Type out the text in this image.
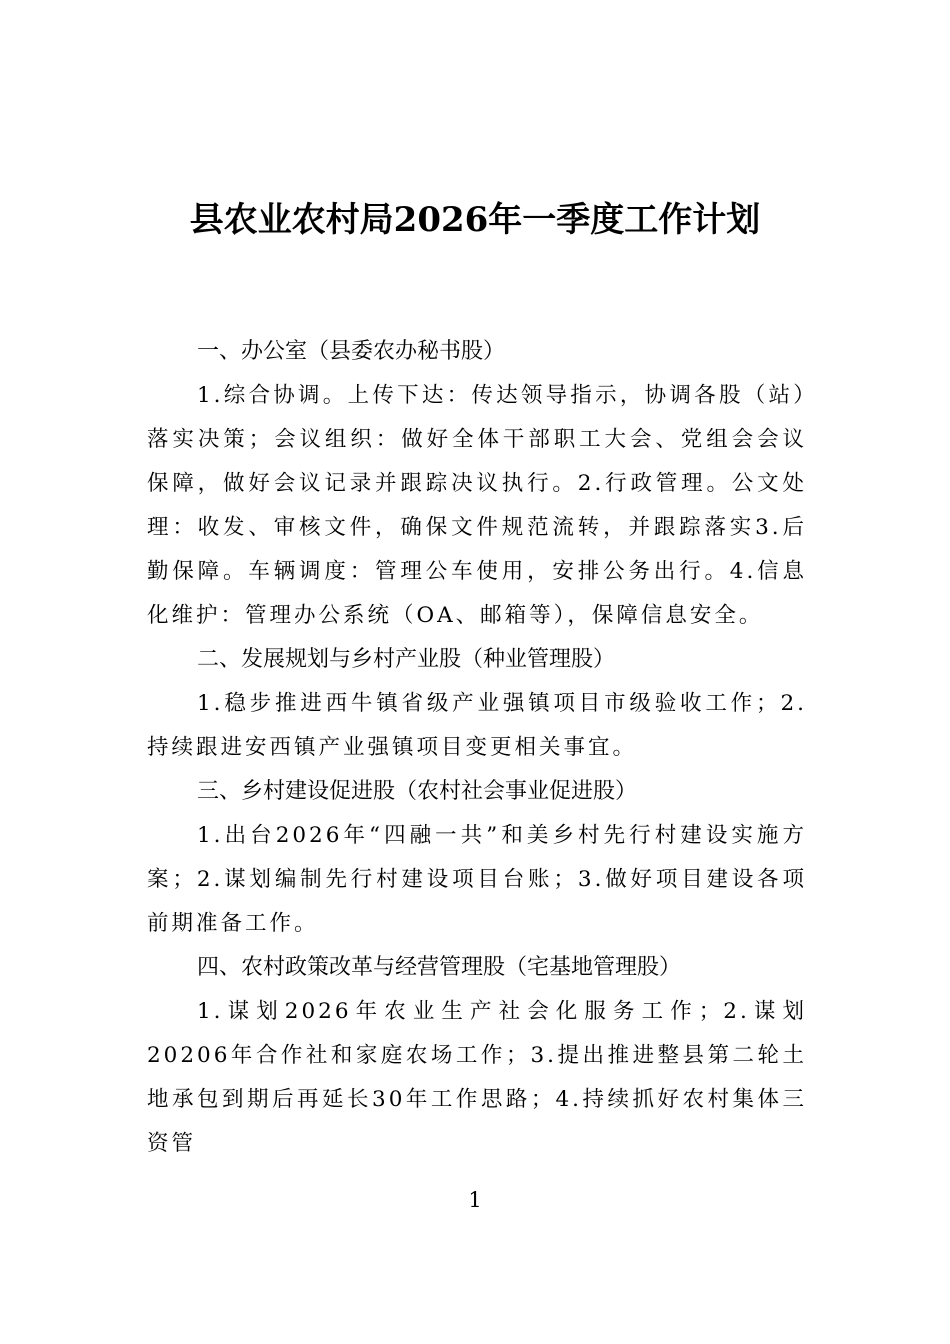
县农业农村局2026年一季度工作计划
一、办公室（县委农办秘书股）
1.综合协调。上传下达：传达领导指示，协调各股（站）落实决策；会议组织：做好全体干部职工大会、党组会会议保障，做好会议记录并跟踪决议执行。2.行政管理。公文处理：收发、审核文件，确保文件规范流转，并跟踪落实3.后勤保障。车辆调度：管理公车使用，安排公务出行。4.信息化维护：管理办公系统（OA、邮箱等），保障信息安全。
二、发展规划与乡村产业股（种业管理股）
1.稳步推进西牛镇省级产业强镇项目市级验收工作；2.持续跟进安西镇产业强镇项目变更相关事宜。
三、乡村建设促进股（农村社会事业促进股）
1.出台2026年“四融一共”和美乡村先行村建设实施方案；2.谋划编制先行村建设项目台账；3.做好项目建设各项前期准备工作。
四、农村政策改革与经营管理股（宅基地管理股）
1.谋划2026年农业生产社会化服务工作；2.谋划20206年合作社和家庭农场工作；3.提出推进整县第二轮土地承包到期后再延长30年工作思路；4.持续抓好农村集体三资管
1
